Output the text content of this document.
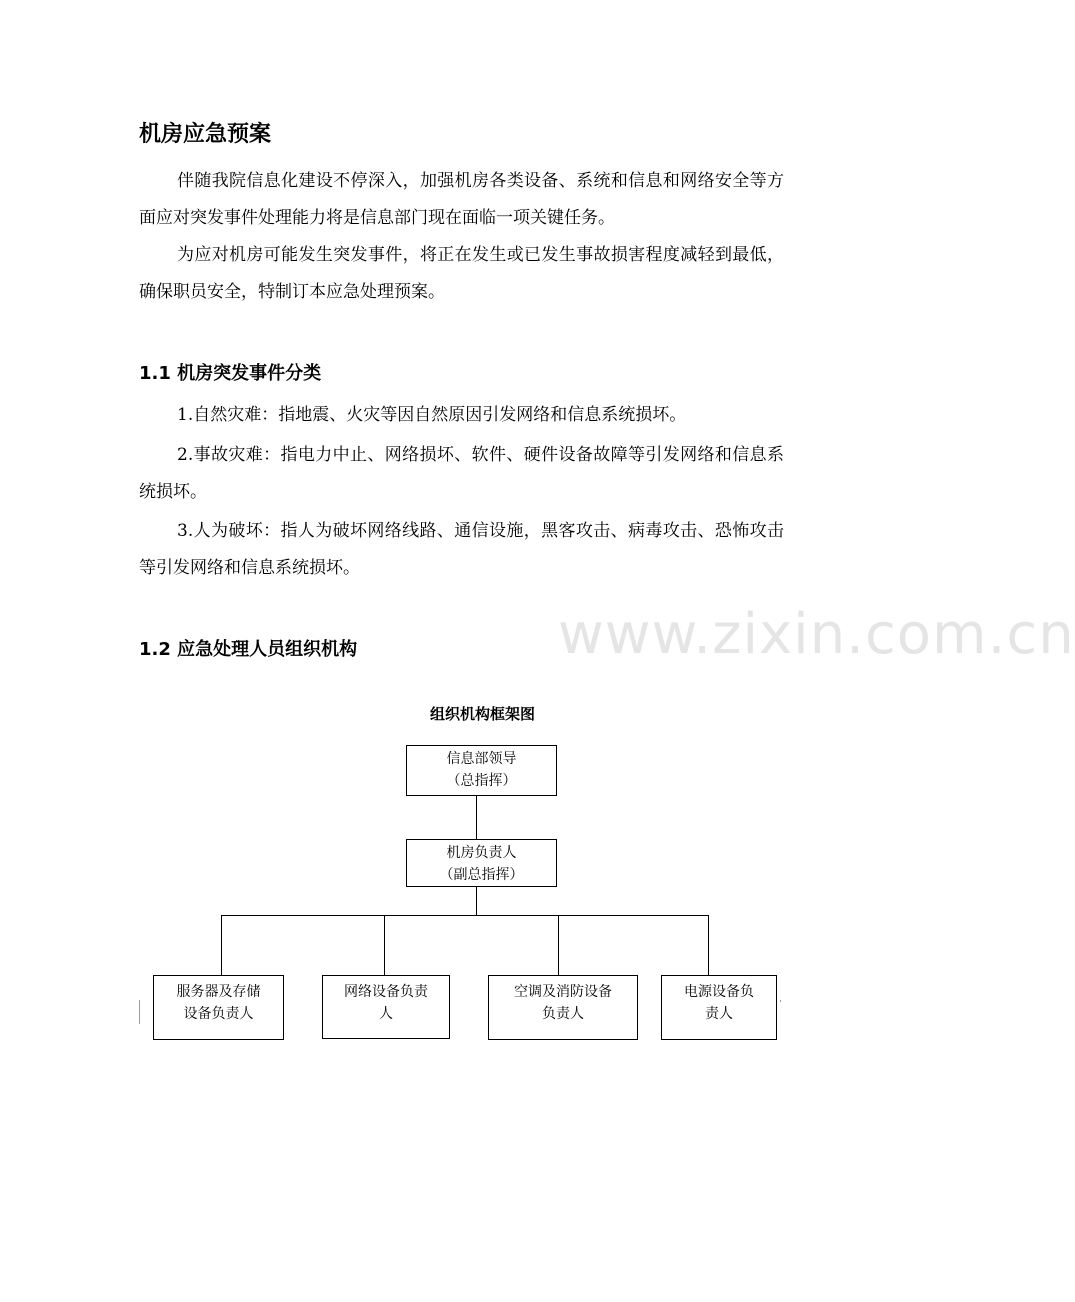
机房应急预案

伴随我院信息化建设不停深入，加强机房各类设备、系统和信息和网络安全等方面应对突发事件处理能力将是信息部门现在面临一项关键任务。

为应对机房可能发生突发事件，将正在发生或已发生事故损害程度减轻到最低，确保职员安全，特制订本应急处理预案。

1.1 机房突发事件分类

1.自然灾难：指地震、火灾等因自然原因引发网络和信息系统损坏。

2.事故灾难：指电力中止、网络损坏、软件、硬件设备故障等引发网络和信息系统损坏。

3.人为破坏：指人为破坏网络线路、通信设施，黑客攻击、病毒攻击、恐怖攻击等引发网络和信息系统损坏。

www.zixin.com.cn
1.2 应急处理人员组织机构
组织机构框架图
信息部领导
（总指挥）
机房负责人
（副总指挥）
服务器及存储
设备负责人
网络设备负责
人
空调及消防设备
负责人
电源设备负
责人
